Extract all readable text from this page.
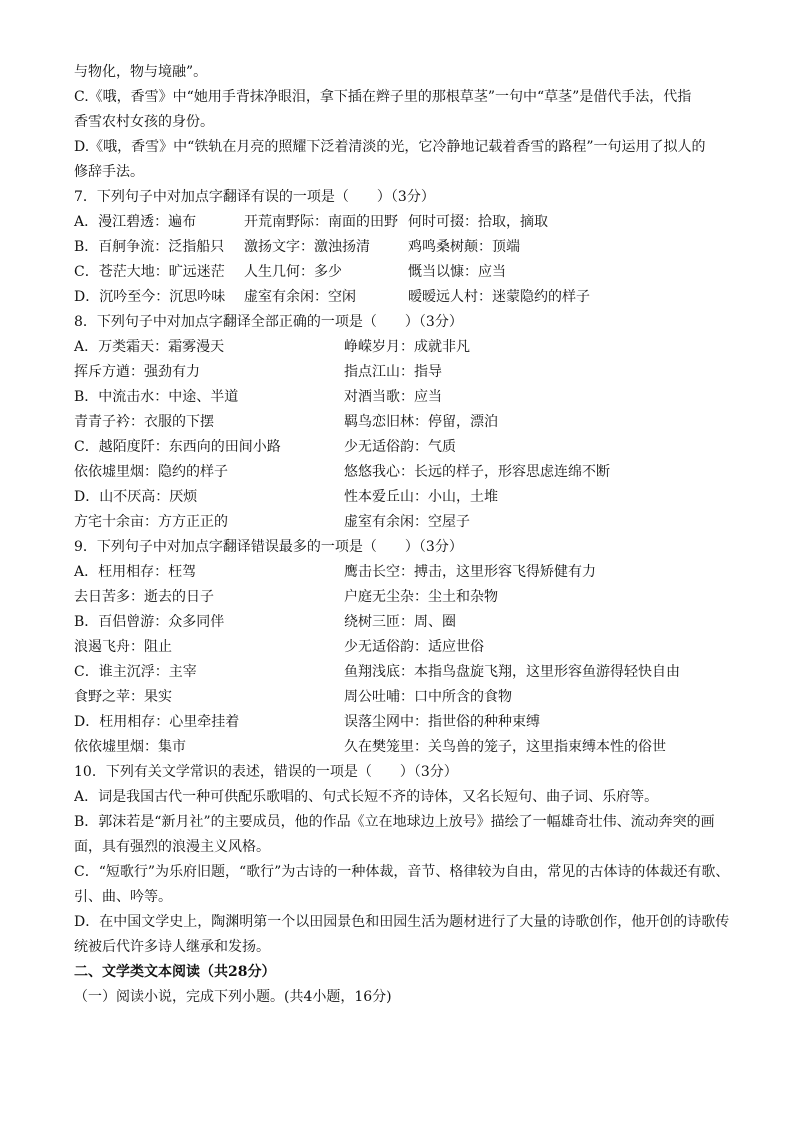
与物化，物与境融”。
C.《哦，香雪》中“她用手背抹净眼泪，拿下插在辫子里的那根草茎”一句中“草茎”是借代手法，代指
香雪农村女孩的身份。
D.《哦，香雪》中“铁轨在月亮的照耀下泛着清淡的光，它冷静地记载着香雪的路程”一句运用了拟人的
修辞手法。
7．下列句子中对加点字翻译有误的一项是（　　）（3分）
A．漫江碧透：遍布	开荒南野际：南面的田野 何时可掇：拾取，摘取
B．百舸争流：泛指船只	激扬文字：激浊扬清	鸡鸣桑树颠：顶端
C．苍茫大地：旷远迷茫	人生几何：多少	慨当以慷：应当
D．沉吟至今：沉思吟味	虚室有余闲：空闲	暧暧远人村：迷蒙隐约的样子
8．下列句子中对加点字翻译全部正确的一项是（　　）（3分）
A．万类霜天：霜雾漫天	峥嵘岁月：成就非凡
挥斥方遒：强劲有力	指点江山：指导
B．中流击水：中途、半道	对酒当歌：应当
青青子衿：衣服的下摆	羁鸟恋旧林：停留，漂泊
C．越陌度阡：东西向的田间小路	少无适俗韵：气质
依依墟里烟：隐约的样子	悠悠我心：长远的样子，形容思虑连绵不断
D．山不厌高：厌烦	性本爱丘山：小山，土堆
方宅十余亩：方方正正的	虚室有余闲：空屋子
9．下列句子中对加点字翻译错误最多的一项是（　　）（3分）
A．枉用相存：枉驾	鹰击长空：搏击，这里形容飞得矫健有力
去日苦多：逝去的日子	户庭无尘杂：尘土和杂物
B．百侣曾游：众多同伴	绕树三匝：周、圈
浪遏飞舟：阻止	少无适俗韵：适应世俗
C．谁主沉浮：主宰	鱼翔浅底：本指鸟盘旋飞翔，这里形容鱼游得轻快自由
食野之苹：果实	周公吐哺：口中所含的食物
D．枉用相存：心里牵挂着	误落尘网中：指世俗的种种束缚
依依墟里烟：集市	久在樊笼里：关鸟兽的笼子，这里指束缚本性的俗世
10．下列有关文学常识的表述，错误的一项是（　　）（3分）
A．词是我国古代一种可供配乐歌唱的、句式长短不齐的诗体，又名长短句、曲子词、乐府等。
B．郭沫若是“新月社”的主要成员，他的作品《立在地球边上放号》描绘了一幅雄奇壮伟、流动奔突的画
面，具有强烈的浪漫主义风格。
C．“短歌行”为乐府旧题，“歌行”为古诗的一种体裁，音节、格律较为自由，常见的古体诗的体裁还有歌、
引、曲、吟等。
D．在中国文学史上，陶渊明第一个以田园景色和田园生活为题材进行了大量的诗歌创作，他开创的诗歌传
统被后代许多诗人继承和发扬。
二、文学类文本阅读（共28分）
（一）阅读小说，完成下列小题。(共4小题，16分)
